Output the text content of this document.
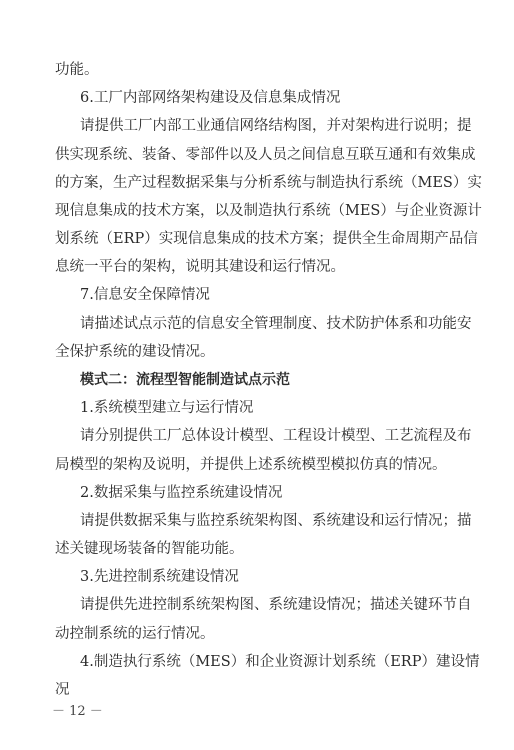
功能。
6.工厂内部网络架构建设及信息集成情况
请提供工厂内部工业通信网络结构图，并对架构进行说明；提
供实现系统、装备、零部件以及人员之间信息互联互通和有效集成
的方案，生产过程数据采集与分析系统与制造执行系统（MES）实
现信息集成的技术方案，以及制造执行系统（MES）与企业资源计
划系统（ERP）实现信息集成的技术方案；提供全生命周期产品信
息统一平台的架构，说明其建设和运行情况。
7.信息安全保障情况
请描述试点示范的信息安全管理制度、技术防护体系和功能安
全保护系统的建设情况。
模式二：流程型智能制造试点示范
1.系统模型建立与运行情况
请分别提供工厂总体设计模型、工程设计模型、工艺流程及布
局模型的架构及说明，并提供上述系统模型模拟仿真的情况。
2.数据采集与监控系统建设情况
请提供数据采集与监控系统架构图、系统建设和运行情况；描
述关键现场装备的智能功能。
3.先进控制系统建设情况
请提供先进控制系统架构图、系统建设情况；描述关键环节自
动控制系统的运行情况。
4.制造执行系统（MES）和企业资源计划系统（ERP）建设情
况
－ 12 －
